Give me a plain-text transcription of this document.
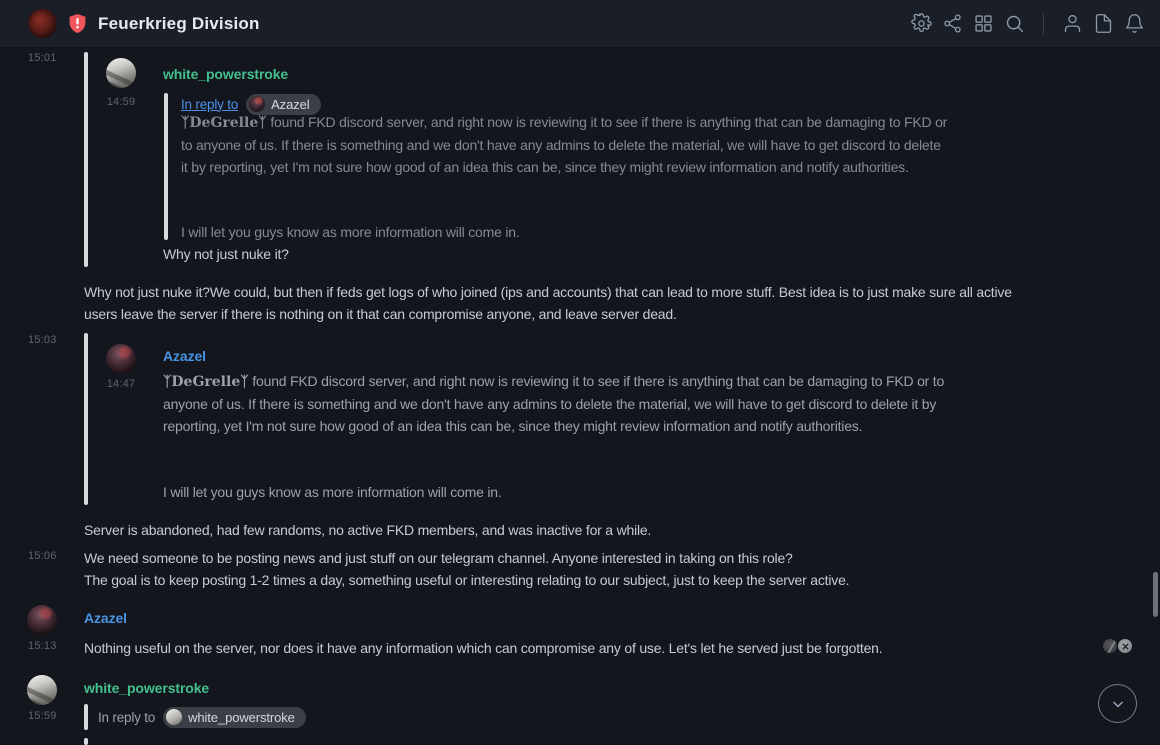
Feuerkrieg Division
15:01
white_powerstroke
14:59	In reply to	Azazel
ᛉDeGrelleᛉ found FKD discord server, and right now is reviewing it to see if there is anything that can be damaging to FKD or to anyone of us. If there is something and we don't have any admins to delete the material, we will have to get discord to delete it by reporting, yet I'm not sure how good of an idea this can be, since they might review information and notify authorities.
I will let you guys know as more information will come in.
Why not just nuke it?
Why not just nuke it?We could, but then if feds get logs of who joined (ips and accounts) that can lead to more stuff. Best idea is to just make sure all active users leave the server if there is nothing on it that can compromise anyone, and leave server dead.
15:03
Azazel
14:47 ᛉDeGrelleᛉ found FKD discord server, and right now is reviewing it to see if there is anything that can be damaging to FKD or to anyone of us. If there is something and we don't have any admins to delete the material, we will have to get discord to delete it by reporting, yet I'm not sure how good of an idea this can be, since they might review information and notify authorities.
I will let you guys know as more information will come in.
Server is abandoned, had few randoms, no active FKD members, and was inactive for a while.
15:06 We need someone to be posting news and just stuff on our telegram channel. Anyone interested in taking on this role?
The goal is to keep posting 1-2 times a day, something useful or interesting relating to our subject, just to keep the server active.
15:13
Azazel
Nothing useful on the server, nor does it have any information which can compromise any of use. Let's let he served just be forgotten.
15:59
white_powerstroke
In reply to	white_powerstroke
